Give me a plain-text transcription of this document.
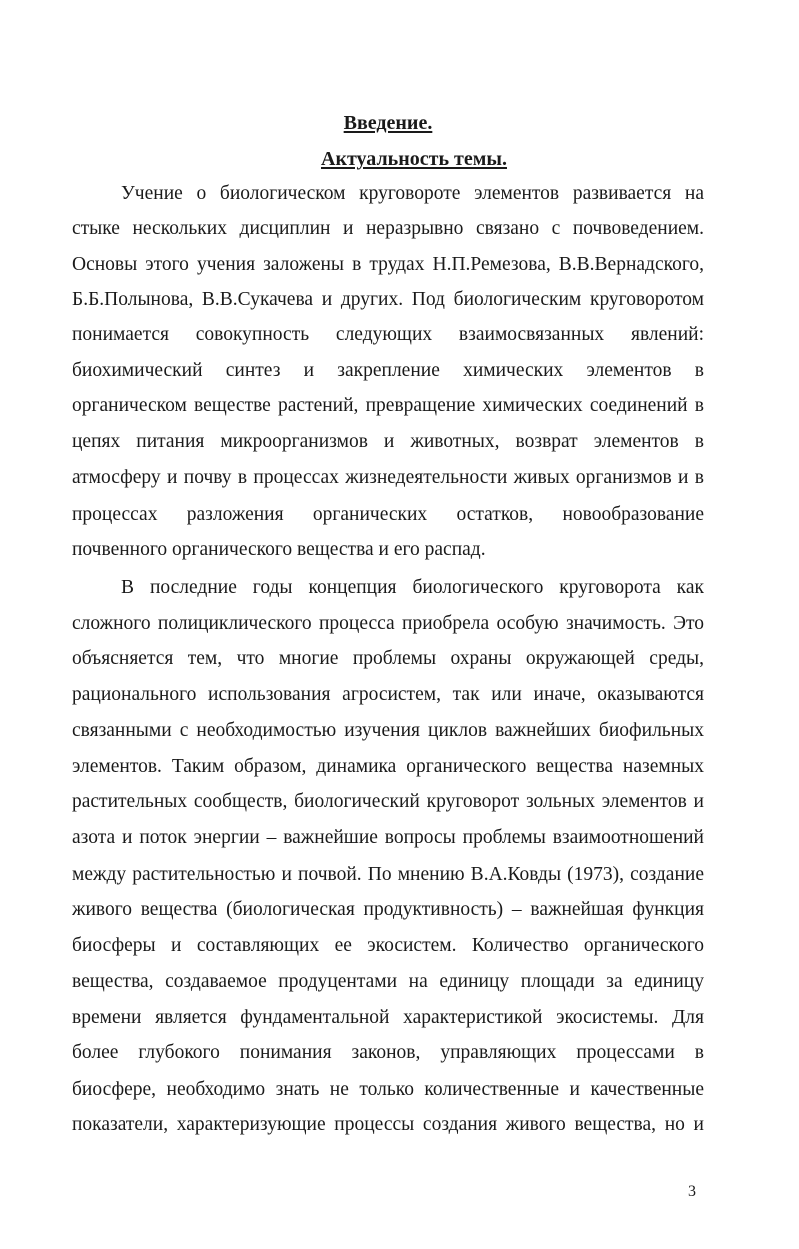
Введение.
Актуальность темы.

Учение о биологическом круговороте элементов развивается на

стыке нескольких дисциплин и неразрывно связано с почвоведением.

Основы этого учения заложены в трудах Н.П.Ремезова, В.В.Вернадского,

Б.Б.Полынова, В.В.Сукачева и других. Под биологическим круговоротом

понимается совокупность следующих взаимосвязанных явлений:

биохимический синтез и закрепление химических элементов в

органическом веществе растений, превращение химических соединений в

цепях питания микроорганизмов и животных, возврат элементов в

атмосферу и почву в процессах жизнедеятельности живых организмов и в

процессах разложения органических остатков, новообразование

почвенного органического вещества и его распад.

В последние годы концепция биологического круговорота как

сложного полициклического процесса приобрела особую значимость. Это

объясняется тем, что многие проблемы охраны окружающей среды,

рационального использования агросистем, так или иначе, оказываются

связанными с необходимостью изучения циклов важнейших биофильных

элементов. Таким образом, динамика органического вещества наземных

растительных сообществ, биологический круговорот зольных элементов и

азота и поток энергии – важнейшие вопросы проблемы взаимоотношений

между растительностью и почвой. По мнению В.А.Ковды (1973), создание

живого вещества (биологическая продуктивность) – важнейшая функция

биосферы и составляющих ее экосистем. Количество органического

вещества, создаваемое продуцентами на единицу площади за единицу

времени является фундаментальной характеристикой экосистемы. Для

более глубокого понимания законов, управляющих процессами в

биосфере, необходимо знать не только количественные и качественные

показатели, характеризующие процессы создания живого вещества, но и

3
